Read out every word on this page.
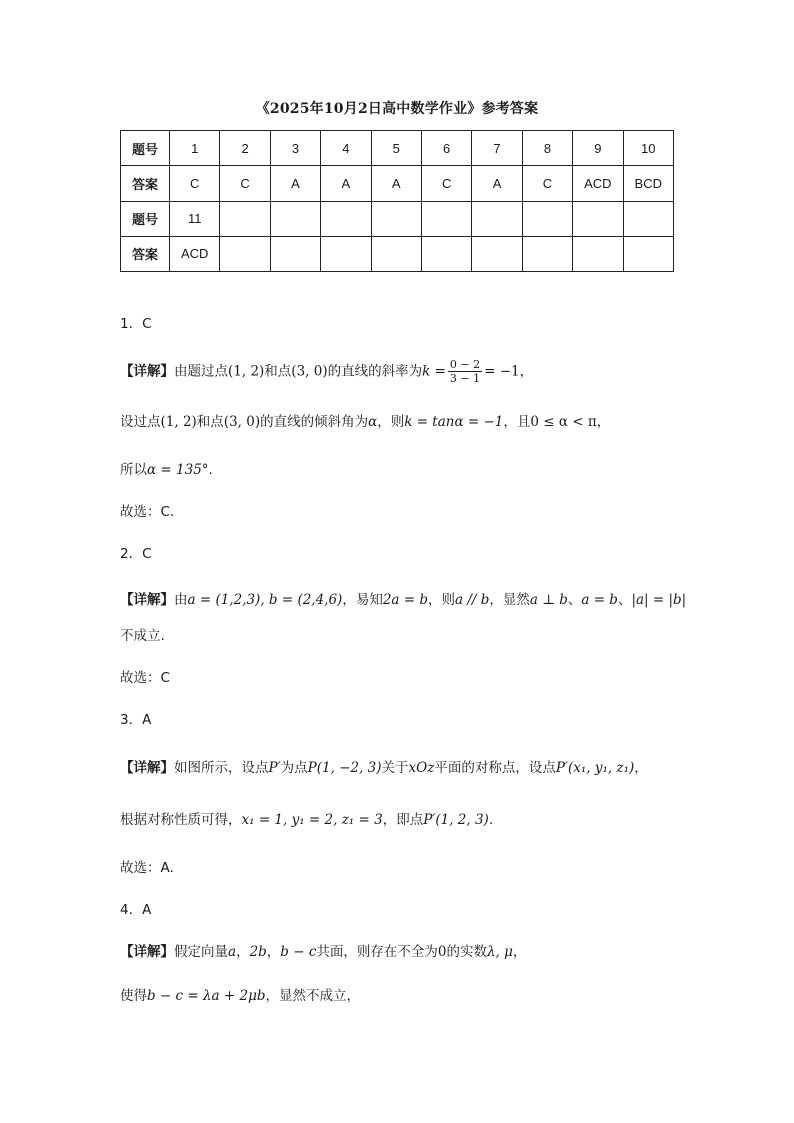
《2025年10月2日高中数学作业》参考答案
题号	1	2	3	4	5	6	7	8	9	10
答案	C	C	A	A	A	C	A	C	ACD	BCD
题号	11									
答案	ACD									
1．C
【详解】由题过点(1, 2)和点(3, 0)的直线的斜率为$k = \frac{0 - 2}{3 - 1} = -1$，
设过点(1, 2)和点(3, 0)的直线的倾斜角为α，则k = tanα = −1，且0 ≤ α < π，
所以α = 135°.
故选：C.
2．C
【详解】由a = (1,2,3), b = (2,4,6)，易知2a = b，则a // b，显然a ⊥ b、a = b、|a| = |b|
不成立.
故选：C
3．A
【详解】如图所示，设点P′为点P(1, −2, 3)关于xOz平面的对称点，设点P′(x₁, y₁, z₁)，
根据对称性质可得，x₁ = 1, y₁ = 2, z₁ = 3，即点P′(1, 2, 3).
故选：A.
4．A
【详解】假定向量a，2b，b − c共面，则存在不全为0的实数λ, μ，
使得b − c = λa + 2μb，显然不成立，
